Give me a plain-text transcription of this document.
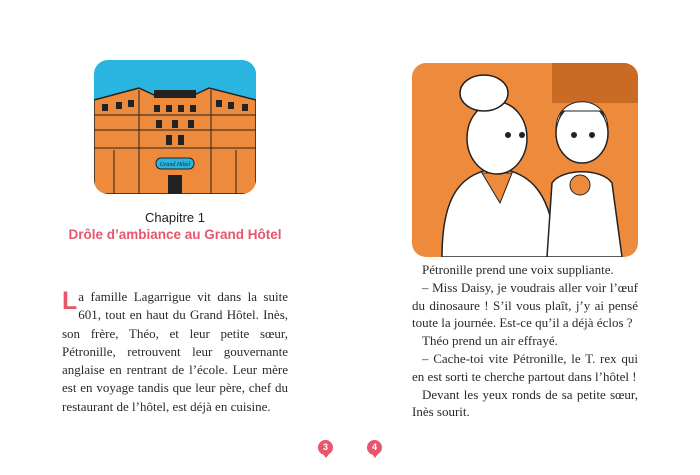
Grand Hôtel
Chapitre 1
Drôle d’ambiance au Grand Hôtel
L a famille Lagarrigue vit dans la suite 601, tout en haut du Grand Hôtel. Inès, son frère, Théo, et leur petite sœur, Pétronille, retrouvent leur gouvernante anglaise en rentrant de l’école. Leur mère est en voyage tandis que leur père, chef du restaurant de l’hôtel, est déjà en cuisine.

Pétronille prend une voix suppliante.

– Miss Daisy, je voudrais aller voir l’œuf du dinosaure ! S’il vous plaît, j’y ai pensé toute la journée. Est-ce qu’il a déjà éclos ?

Théo prend un air effrayé.

– Cache-toi vite Pétronille, le T. rex qui en est sorti te cherche partout dans l’hôtel !

Devant les yeux ronds de sa petite sœur, Inès sourit.

3	4
